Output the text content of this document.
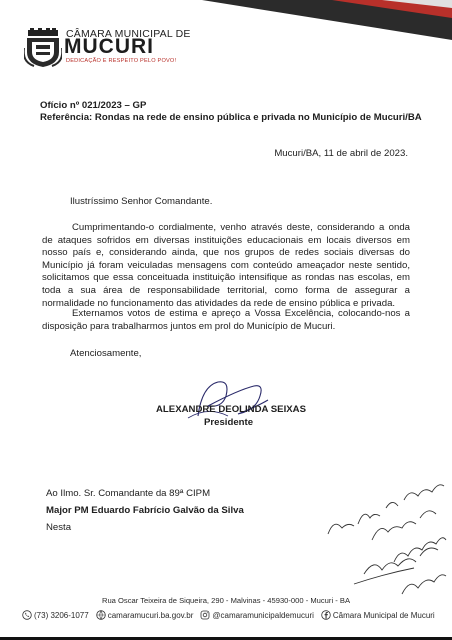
CÂMARA MUNICIPAL DE
MUCURI
DEDICAÇÃO E RESPEITO PELO POVO!
Ofício nº 021/2023 – GP
Referência: Rondas na rede de ensino pública e privada no Município de Mucuri/BA
Mucuri/BA, 11 de abril de 2023.
Ilustríssimo Senhor Comandante.
Cumprimentando-o cordialmente, venho através deste, considerando a onda de ataques sofridos em diversas instituições educacionais em locais diversos em nosso país e, considerando ainda, que nos grupos de redes sociais diversas do Município já foram veiculadas mensagens com conteúdo ameaçador neste sentido, solicitamos que essa conceituada instituição intensifique as rondas nas escolas, em toda a sua área de responsabilidade territorial, como forma de assegurar a normalidade no funcionamento das atividades da rede de ensino pública e privada.
Externamos votos de estima e apreço a Vossa Excelência, colocando-nos a disposição para trabalharmos juntos em prol do Município de Mucuri.
Atenciosamente,
ALEXANDRE DEOLINDA SEIXAS
Presidente
Ao Ilmo. Sr. Comandante da 89ª CIPM
Major PM Eduardo Fabrício Galvão da Silva
Nesta
Rua Oscar Teixeira de Siqueira, 290 - Malvinas - 45930-000 - Mucuri - BA
(73) 3206-1077 camaramucuri.ba.gov.br @camaramunicipaldemucuri Câmara Municipal de Mucuri
